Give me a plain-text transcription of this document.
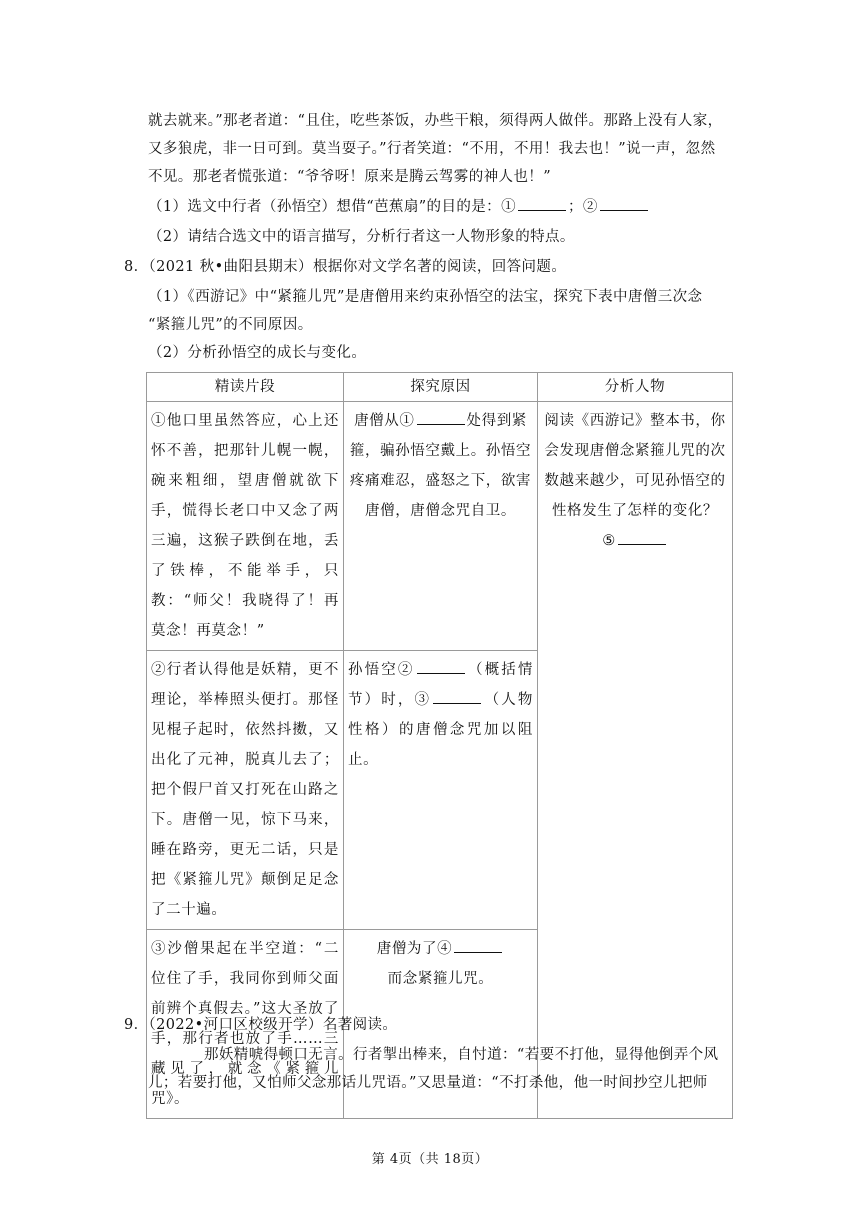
就去就来。”那老者道：“且住，吃些茶饭，办些干粮，须得两人做伴。那路上没有人家，
又多狼虎，非一日可到。莫当耍子。”行者笑道：“不用，不用！我去也！”说一声，忽然
不见。那老者慌张道：“爷爷呀！原来是腾云驾雾的神人也！”
（1）选文中行者（孙悟空）想借“芭蕉扇”的目的是：①	；②
（2）请结合选文中的语言描写，分析行者这一人物形象的特点。
8．（2021 秋•曲阳县期末）根据你对文学名著的阅读，回答问题。
（1）《西游记》中“紧箍儿咒”是唐僧用来约束孙悟空的法宝，探究下表中唐僧三次念
“紧箍儿咒”的不同原因。
（2）分析孙悟空的成长与变化。
精读片段	探究原因	分析人物
①他口里虽然答应，心上还怀不善，把那针儿幌一幌，碗来粗细，望唐僧就欲下手，慌得长老口中又念了两三遍，这猴子跌倒在地，丢了铁棒，不能举手，只教：“师父！我晓得了！再莫念！再莫念！”	唐僧从① 处得到紧箍，骗孙悟空戴上。孙悟空疼痛难忍，盛怒之下，欲害唐僧，唐僧念咒自卫。	阅读《西游记》整本书，你会发现唐僧念紧箍儿咒的次数越来越少，可见孙悟空的性格发生了怎样的变化？
⑤
②行者认得他是妖精，更不理论，举棒照头便打。那怪见棍子起时，依然抖擞，又出化了元神，脱真儿去了；把个假尸首又打死在山路之下。唐僧一见，惊下马来，睡在路旁，更无二话，只是把《紧箍儿咒》颠倒足足念了二十遍。	孙悟空② （概括情节）时，③ （人物性格）的唐僧念咒加以阻止。	
③沙僧果起在半空道：“二位住了手，我同你到师父面前辨个真假去。”这大圣放了手，那行者也放了手……三藏见了，就念《紧箍儿咒》。	唐僧为了④
而念紧箍儿咒。	
9．（2022•河口区校级开学）名著阅读。
那妖精唬得顿口无言。行者掣出棒来，自忖道：“若要不打他，显得他倒弄个风
儿；若要打他，又怕师父念那话儿咒语。”又思量道：“不打杀他，他一时间抄空儿把师
第 4页（共 18页）
